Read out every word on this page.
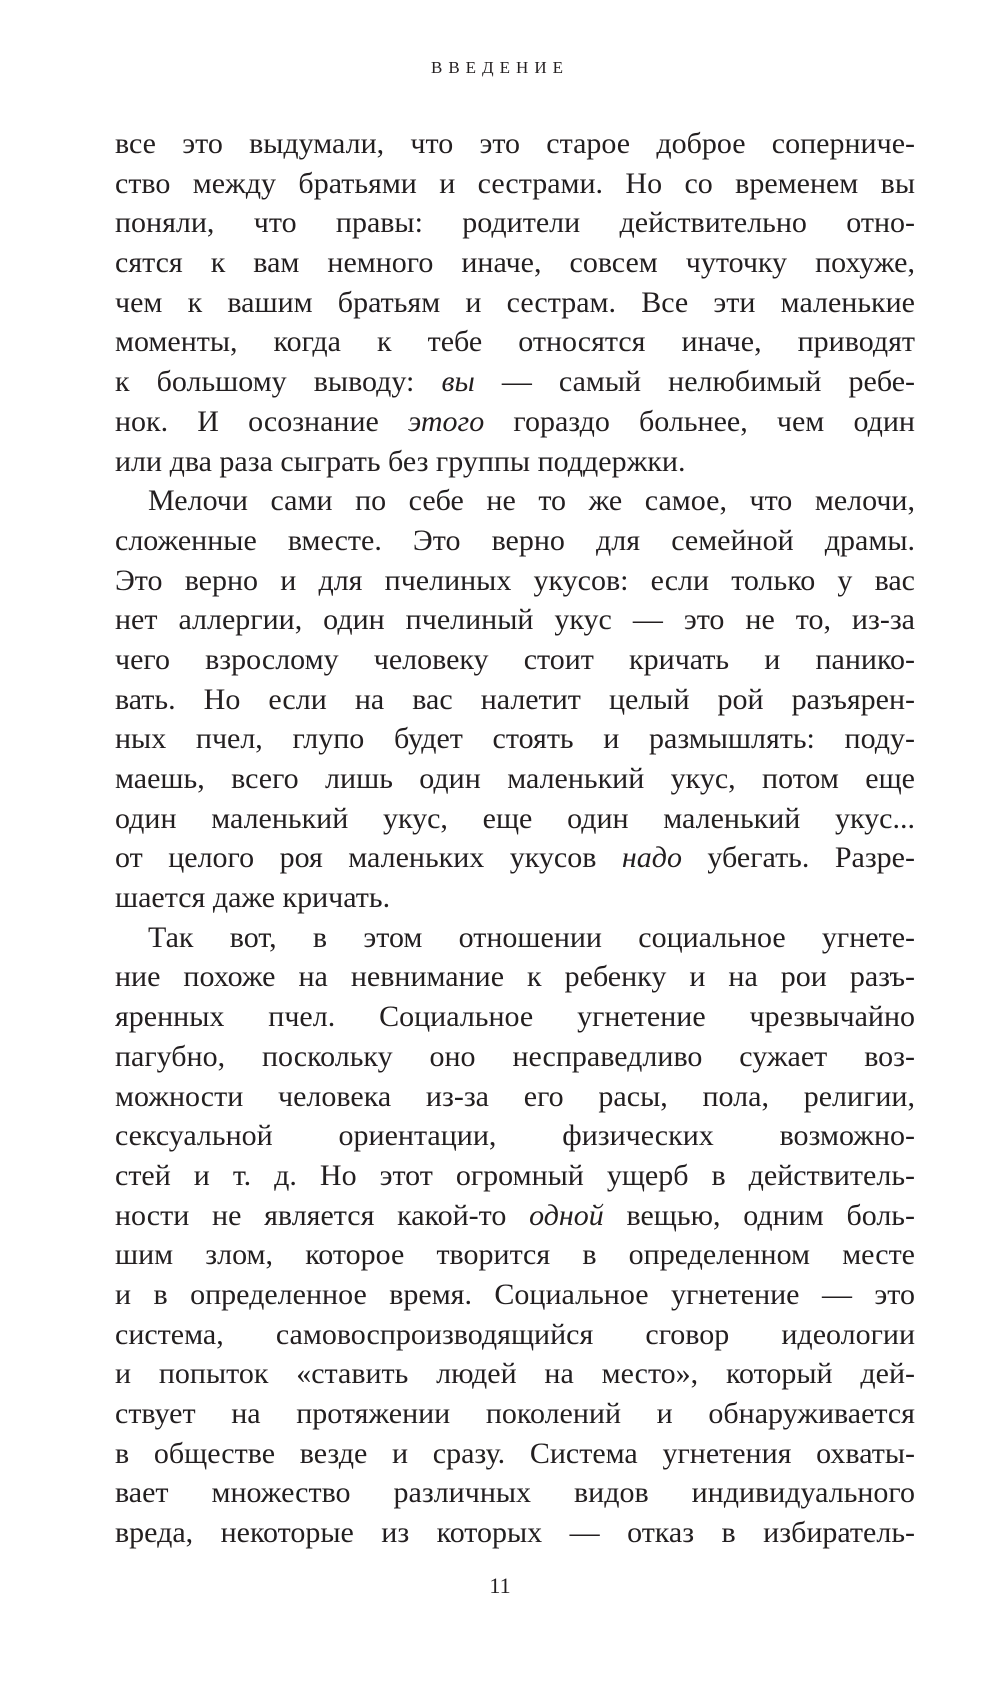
ВВЕДЕНИЕ
все это выдумали, что это старое доброе соперниче-
ство между братьями и сестрами. Но со временем вы
поняли, что правы: родители действительно отно-
сятся к вам немного иначе, совсем чуточку похуже,
чем к вашим братьям и сестрам. Все эти маленькие
моменты, когда к тебе относятся иначе, приводят
к большому выводу: вы — самый нелюбимый ребе-
нок. И осознание этого гораздо больнее, чем один
или два раза сыграть без группы поддержки.
Мелочи сами по себе не то же самое, что мелочи,
сложенные вместе. Это верно для семейной драмы.
Это верно и для пчелиных укусов: если только у вас
нет аллергии, один пчелиный укус — это не то, из-за
чего взрослому человеку стоит кричать и панико-
вать. Но если на вас налетит целый рой разъярен-
ных пчел, глупо будет стоять и размышлять: поду-
маешь, всего лишь один маленький укус, потом еще
один маленький укус, еще один маленький укус...
от целого роя маленьких укусов надо убегать. Разре-
шается даже кричать.
Так вот, в этом отношении социальное угнете-
ние похоже на невнимание к ребенку и на рои разъ-
яренных пчел. Социальное угнетение чрезвычайно
пагубно, поскольку оно несправедливо сужает воз-
можности человека из-за его расы, пола, религии,
сексуальной ориентации, физических возможно-
стей и т. д. Но этот огромный ущерб в действитель-
ности не является какой-то одной вещью, одним боль-
шим злом, которое творится в определенном месте
и в определенное время. Социальное угнетение — это
система, самовоспроизводящийся сговор идеологии
и попыток «ставить людей на место», который дей-
ствует на протяжении поколений и обнаруживается
в обществе везде и сразу. Система угнетения охваты-
вает множество различных видов индивидуального
вреда, некоторые из которых — отказ в избиратель-
11
